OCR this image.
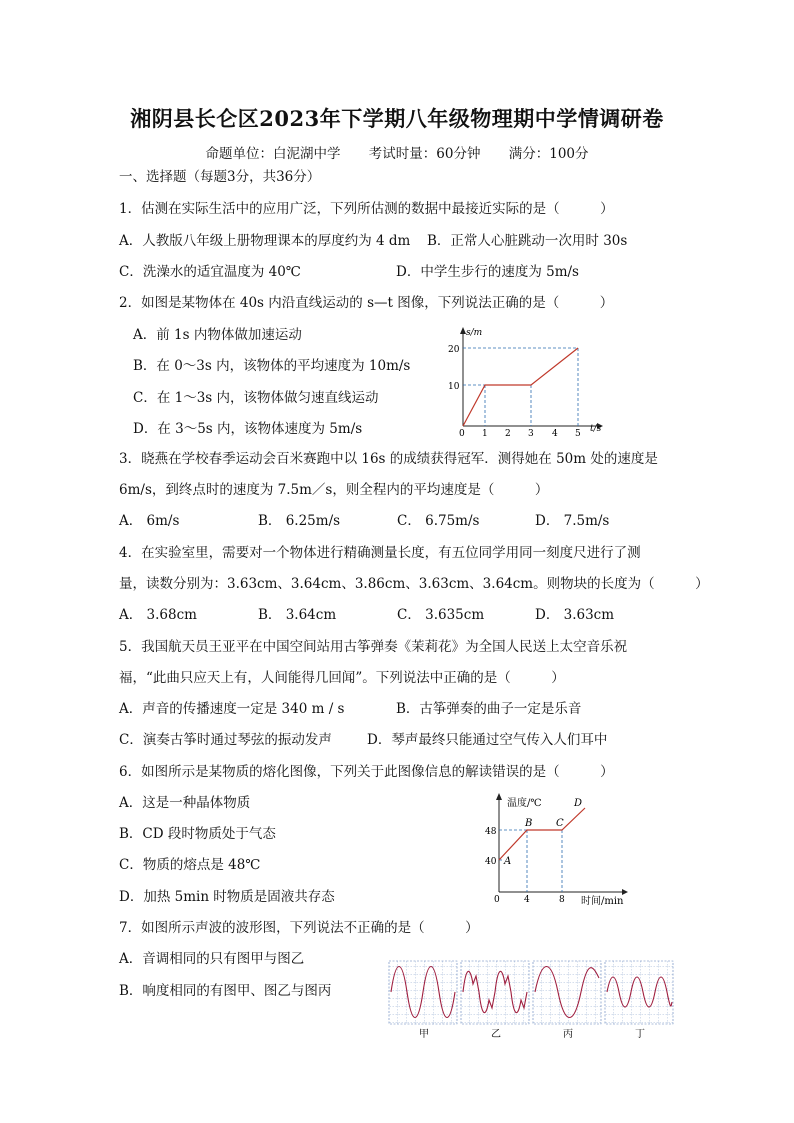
湘阴县长仑区2023年下学期八年级物理期中学情调研卷
命题单位：白泥湖中学 考试时量：60分钟 满分：100分
一、选择题（每题3分，共36分）
1．估测在实际生活中的应用广泛，下列所估测的数据中最接近实际的是（　　　）
A．人教版八年级上册物理课本的厚度约为 4 dm B．正常人心脏跳动一次用时 30s
C．洗澡水的适宜温度为 40℃	D．中学生步行的速度为 5m/s
2．如图是某物体在 40s 内沿直线运动的 s—t 图像，下列说法正确的是（　　　）
A．前 1s 内物体做加速运动
B．在 0～3s 内，该物体的平均速度为 10m/s
C．在 1～3s 内，该物体做匀速直线运动
D．在 3～5s 内，该物体速度为 5m/s
s/m
t/s
20
10
0 1 2 3 4 5
3．晓燕在学校春季运动会百米赛跑中以 16s 的成绩获得冠军．测得她在 50m 处的速度是
6m/s，到终点时的速度为 7.5m／s，则全程内的平均速度是（　　　）
A． 6m/s	B． 6.25m/s	C． 6.75m/s	D． 7.5m/s
4．在实验室里，需要对一个物体进行精确测量长度，有五位同学用同一刻度尺进行了测
量，读数分别为：3.63cm、3.64cm、3.86cm、3.63cm、3.64cm。则物块的长度为（　　　）
A． 3.68cm	B． 3.64cm	C． 3.635cm	D． 3.63cm
5．我国航天员王亚平在中国空间站用古筝弹奏《茉莉花》为全国人民送上太空音乐祝
福，“此曲只应天上有，人间能得几回闻”。下列说法中正确的是（　　　）
A．声音的传播速度一定是 340 m / s	B．古筝弹奏的曲子一定是乐音
C．演奏古筝时通过琴弦的振动发声	D．琴声最终只能通过空气传入人们耳中
6．如图所示是某物质的熔化图像，下列关于此图像信息的解读错误的是（　　　）
A．这是一种晶体物质
B．CD 段时物质处于气态
C．物质的熔点是 48℃
D．加热 5min 时物质是固液共存态
温度/℃
时间/min
A
B C
D
48
40
0	4	8
7．如图所示声波的波形图，下列说法不正确的是（　　　）
A．音调相同的只有图甲与图乙
B．响度相同的有图甲、图乙与图丙
甲	乙	丙	丁
